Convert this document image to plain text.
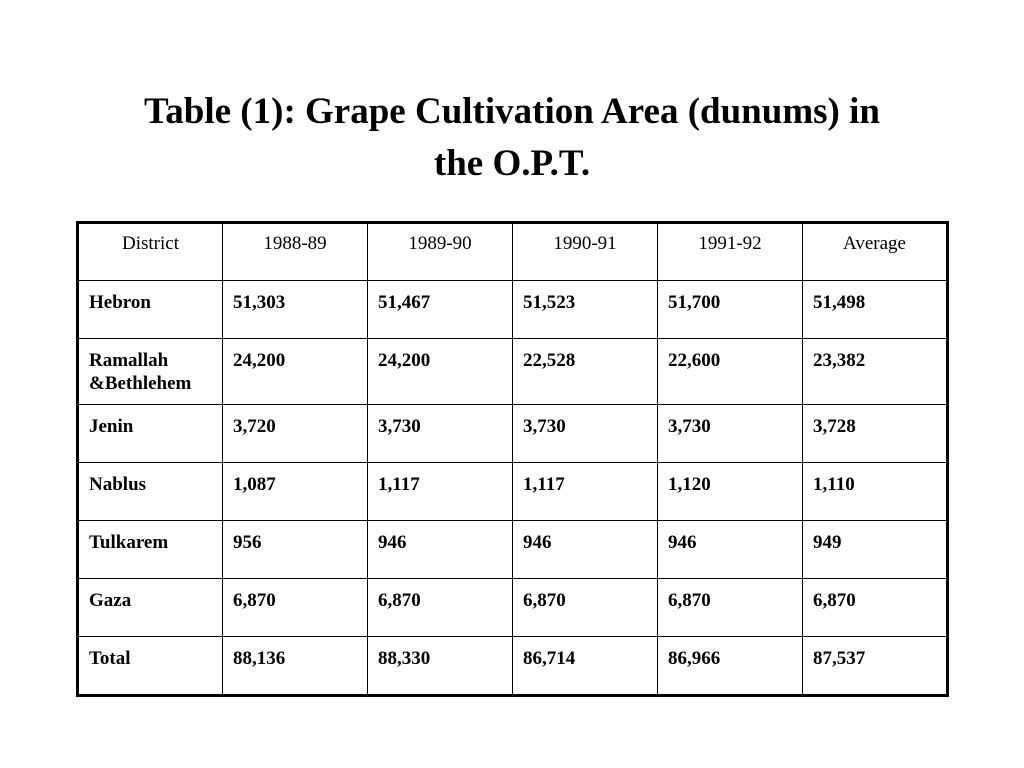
Table (1): Grape Cultivation Area (dunums) in
the O.P.T.
District	1988-89	1989-90	1990-91	1991-92	Average
Hebron	51,303	51,467	51,523	51,700	51,498
Ramallah &Bethlehem	24,200	24,200	22,528	22,600	23,382
Jenin	3,720	3,730	3,730	3,730	3,728
Nablus	1,087	1,117	1,117	1,120	1,110
Tulkarem	956	946	946	946	949
Gaza	6,870	6,870	6,870	6,870	6,870
Total	88,136	88,330	86,714	86,966	87,537
